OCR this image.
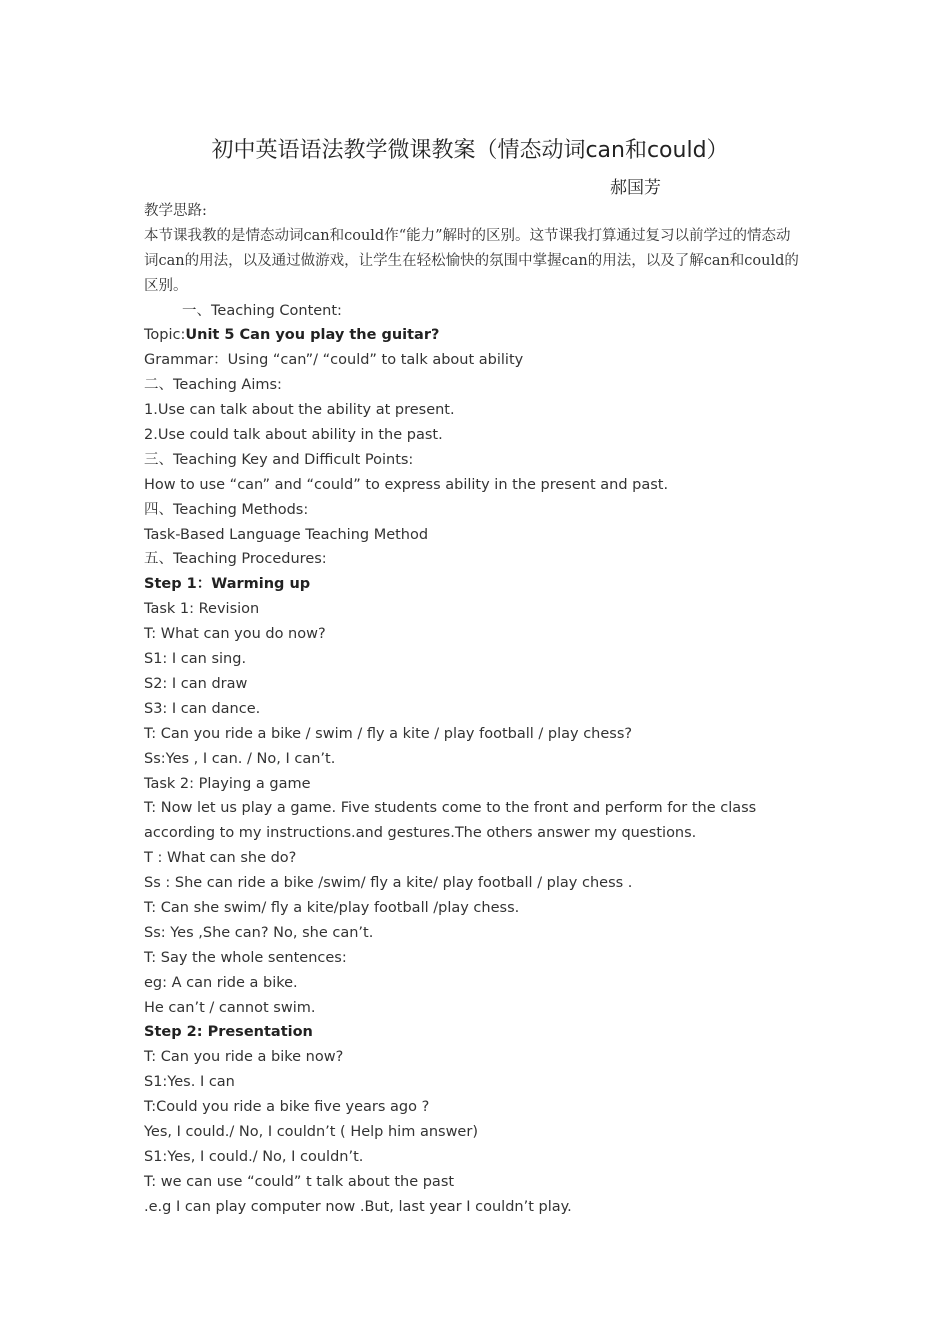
初中英语语法教学微课教案（情态动词can和could）
郝国芳
教学思路:
本节课我教的是情态动词can和could作“能力”解时的区别。这节课我打算通过复习以前学过的情态动词can的用法，以及通过做游戏，让学生在轻松愉快的氛围中掌握can的用法，以及了解can和could的区别。
一、Teaching Content:
Topic:Unit 5 Can you play the guitar?
Grammar：Using “can”/ “could” to talk about ability
二、Teaching Aims:
1.Use can talk about the ability at present.
2.Use could talk about ability in the past.
三、Teaching Key and Difficult Points:
How to use “can” and “could” to express ability in the present and past.
四、Teaching Methods:
Task-Based Language Teaching Method
五、Teaching Procedures:
Step 1：Warming up
Task 1: Revision
T: What can you do now?
S1: I can sing.
S2: I can draw
S3: I can dance.
T: Can you ride a bike / swim / fly a kite / play football / play chess?
Ss:Yes , I can. / No, I can’t.
Task 2: Playing a game
T: Now let us play a game. Five students come to the front and perform for the class
according to my instructions.and gestures.The others answer my questions.
T : What can she do?
Ss : She can ride a bike /swim/ fly a kite/ play football / play chess .
T: Can she swim/ fly a kite/play football /play chess.
Ss: Yes ,She can? No, she can’t.
T: Say the whole sentences:
eg: A can ride a bike.
He can’t / cannot swim.
Step 2: Presentation
T: Can you ride a bike now?
S1:Yes. I can
T:Could you ride a bike five years ago ?
Yes, I could./ No, I couldn’t ( Help him answer)
S1:Yes, I could./ No, I couldn’t.
T: we can use “could” t talk about the past
.e.g I can play computer now .But, last year I couldn’t play.
